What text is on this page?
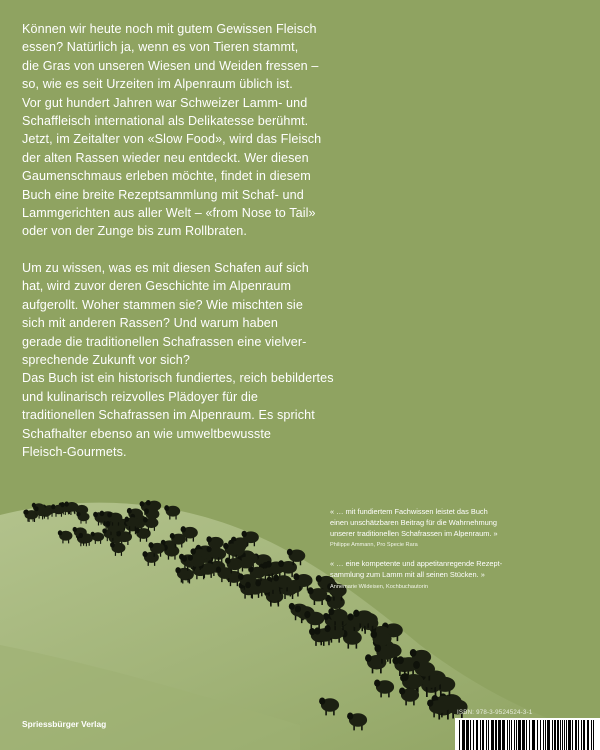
Können wir heute noch mit gutem Gewissen Fleisch
essen? Natürlich ja, wenn es von Tieren stammt,
die Gras von unseren Wiesen und Weiden fressen –
so, wie es seit Urzeiten im Alpenraum üblich ist.
Vor gut hundert Jahren war Schweizer Lamm- und
Schaffleisch international als Delikatesse berühmt.
Jetzt, im Zeitalter von «Slow Food», wird das Fleisch
der alten Rassen wieder neu entdeckt. Wer diesen
Gaumenschmaus erleben möchte, findet in diesem
Buch eine breite Rezeptsammlung mit Schaf- und
Lammgerichten aus aller Welt – «from Nose to Tail»
oder von der Zunge bis zum Rollbraten.

Um zu wissen, was es mit diesen Schafen auf sich
hat, wird zuvor deren Geschichte im Alpenraum
aufgerollt. Woher stammen sie? Wie mischten sie
sich mit anderen Rassen? Und warum haben
gerade die traditionellen Schafrassen eine vielver-
sprechende Zukunft vor sich?

Das Buch ist ein historisch fundiertes, reich bebildertes
und kulinarisch reizvolles Plädoyer für die
traditionellen Schafrassen im Alpenraum. Es spricht
Schafhalter ebenso an wie umweltbewusste
Fleisch-Gourmets.

« … mit fundiertem Fachwissen leistet das Buch
einen unschätzbaren Beitrag für die Wahrnehmung
unserer traditionellen Schafrassen im Alpenraum. »
Philippe Ammann, Pro Specie Rara
« … eine kompetente und appetitanregende Rezept-
sammlung zum Lamm mit all seinen Stücken. »
Annemarie Wildeisen, Kochbuchautorin
Spriessbürger Verlag
ISBN: 978-3-9524524-3-1
